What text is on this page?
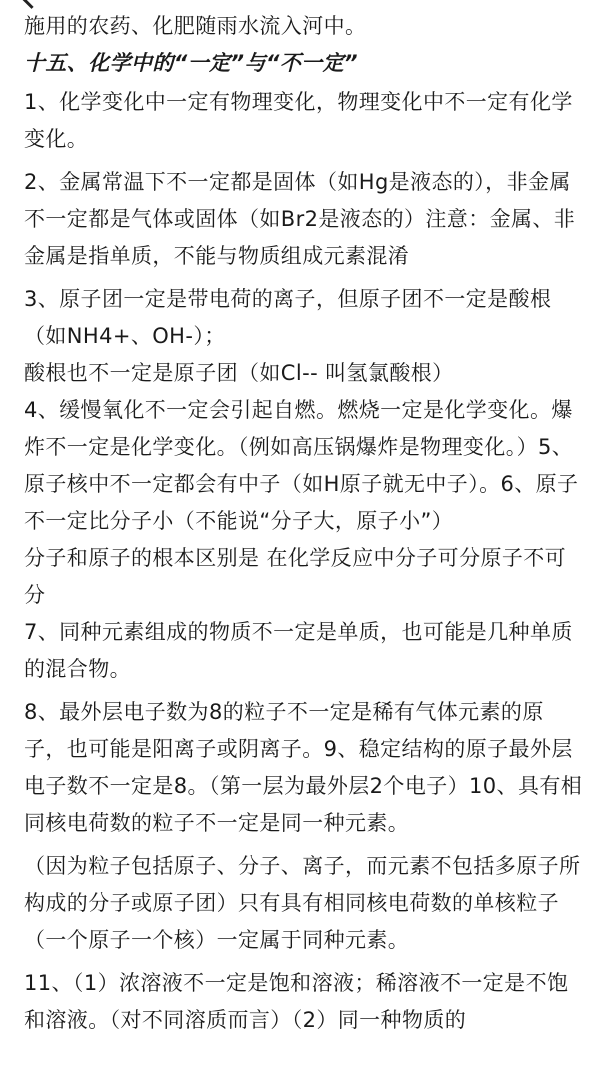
施用的农药、化肥随雨水流入河中。

十五、化学中的“一定”与“不一定”

1、化学变化中一定有物理变化，物理变化中不一定有化学变化。

2、金属常温下不一定都是固体（如Hg是液态的），非金属不一定都是气体或固体（如Br2是液态的）注意：金属、非金属是指单质，不能与物质组成元素混淆

3、原子团一定是带电荷的离子，但原子团不一定是酸根（如NH4+、OH-）；

酸根也不一定是原子团（如Cl-- 叫氢氯酸根）

4、缓慢氧化不一定会引起自燃。燃烧一定是化学变化。爆炸不一定是化学变化。（例如高压锅爆炸是物理变化。）5、原子核中不一定都会有中子（如H原子就无中子）。6、原子不一定比分子小（不能说“分子大，原子小”）

分子和原子的根本区别是 在化学反应中分子可分原子不可分

7、同种元素组成的物质不一定是单质，也可能是几种单质的混合物。

8、最外层电子数为8的粒子不一定是稀有气体元素的原子，也可能是阳离子或阴离子。9、稳定结构的原子最外层电子数不一定是8。（第一层为最外层2个电子）10、具有相同核电荷数的粒子不一定是同一种元素。

（因为粒子包括原子、分子、离子，而元素不包括多原子所构成的分子或原子团）只有具有相同核电荷数的单核粒子（一个原子一个核）一定属于同种元素。

11、（1）浓溶液不一定是饱和溶液；稀溶液不一定是不饱和溶液。（对不同溶质而言）（2）同一种物质的
